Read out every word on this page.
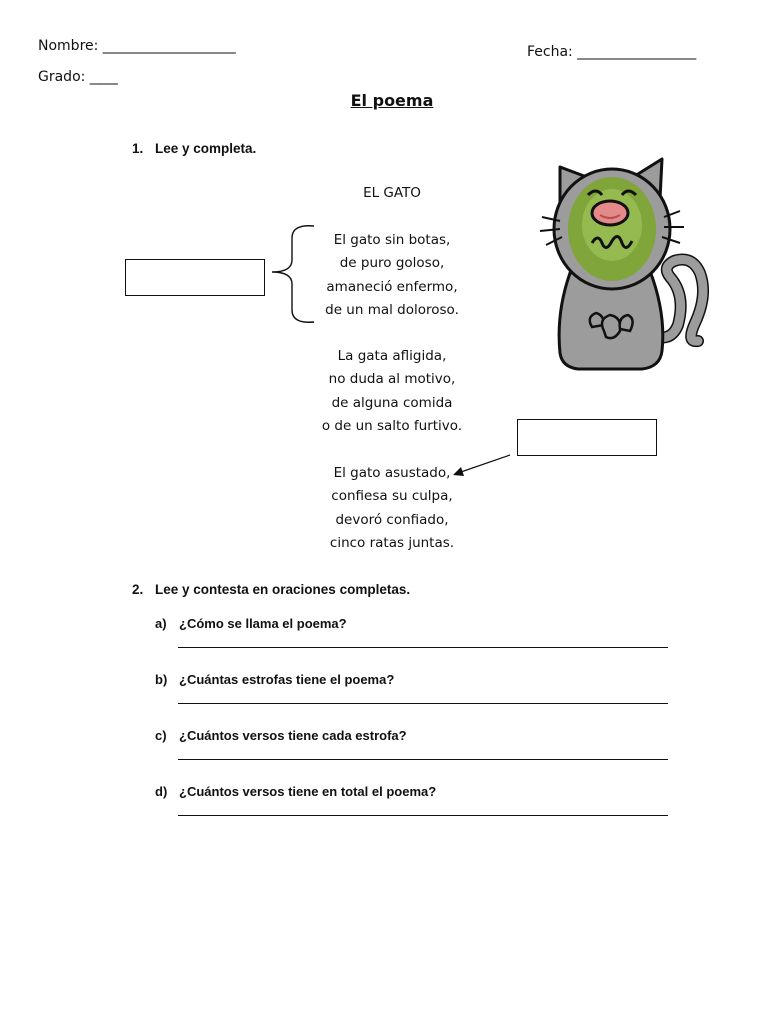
Nombre: ___________________	Fecha: _________________
Grado: ____
El poema
1. Lee y completa.
EL GATO
El gato sin botas,
de puro goloso,
amaneció enfermo,
de un mal doloroso.
La gata afligida,
no duda al motivo,
de alguna comida
o de un salto furtivo.
El gato asustado,
confiesa su culpa,
devoró confiado,
cinco ratas juntas.
2. Lee y contesta en oraciones completas.
a) ¿Cómo se llama el poema?
b) ¿Cuántas estrofas tiene el poema?
c) ¿Cuántos versos tiene cada estrofa?
d) ¿Cuántos versos tiene en total el poema?
